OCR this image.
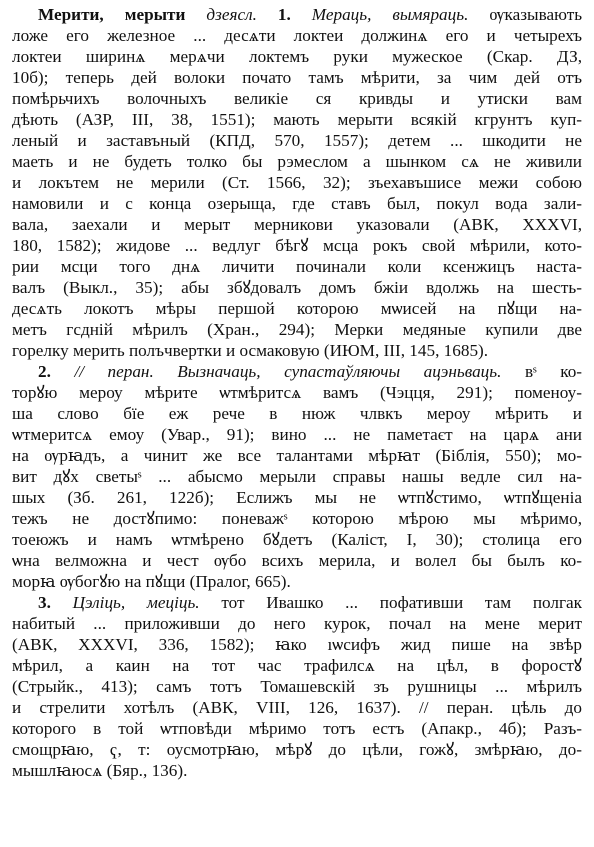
Мерити, мерыти дзеясл. 1. Мераць, вымяраць. ѹказывають
ложе его железное ... десѧти локтеи должинѧ его и четырехъ
локтеи ширинѧ мерѧчи локтемъ руки мужеское (Скар. ДЗ,
10б); теперь дей волоки почато тамъ мѣрити, за чим дей отъ
помѣрьчихъ волочныхъ великіе ся кривды и утиски вам
дѣють (АЗР, III, 38, 1551); мають мерыти всякій кгрунтъ куп-
леный и заставъный (КПД, 570, 1557); детем ... шкодити не
маеть и не будеть толко бы рэмеслом а шынком сѧ не живили
и локътем не мерили (Ст. 1566, 32); зъехавъшисе межи собою
намовили и с конца озерыща, где ставъ был, покул вода зали-
вала, заехали и мерыт мерникови указовали (АВК, XXXVI,
180, 1582); жидове ... ведлуг бѣгꙋ мсца рокъ свой мѣрили, кото-
рии мсци того днѧ личити починали коли ксенжицъ наста-
валъ (Выкл., 35); абы збꙋдовалъ домъ бжіи вдолжь на шесть-
десѧть локотъ мѣры першой которою мѡисей на пꙋщи на-
метъ гсдній мѣрилъ (Хран., 294); Мерки медяные купили две
горелку мерить полъчвертки и осмаковую (ИЮМ, III, 145, 1685).
2. // перан. Вызначаць, супастаўляючы ацэньваць. вˢ ко-
торꙋю мероу мѣрите ѡтмѣритсѧ вамъ (Чэцця, 291); поменоу-
ша слово бїе еж рече в нюж члвкъ мероу мѣрить и
ѡтмеритсѧ емоу (Увар., 91); вино ... не паметаєт на царѧ ани
на ѹрꙗдъ, а чинит же все талантами мѣрꙗт (Біблія, 550); мо-
вит дꙋх светыˢ ... абысмо мерыли справы нашы ведле сил на-
шых (Зб. 261, 122б); Еслижъ мы не ѡтпꙋстимо, ѡтпꙋщеніа
тежъ не достꙋпимо: поневажˢ которою мѣрою мы мѣримо,
тоеюжъ и намъ ѡтмѣрено бꙋдетъ (Каліст, I, 30); столица его
ѡна велможна и чест ѹбо всихъ мерила, и волел бы былъ ко-
морꙗ ѹбогꙋю на пꙋщи (Пралог, 665).
3. Цэліць, меціць. тот Ивашко ... пофативши там полгак
набитый ... приложивши до него курок, почал на мене мерит
(АВК, XXXVI, 336, 1582); ꙗко ıѡсифъ жид пише на звѣр
мѣрил, а каин на тот час трафилсѧ на цѣл, в форостꙋ
(Стрыйк., 413); самъ тотъ Томашевскій зъ рушницы ... мѣрилъ
и стрелити хотѣлъ (АВК, VIII, 126, 1637). // перан. цѣль до
которого в той ѡтповѣди мѣримо тотъ естъ (Апакр., 4б); Разъ-
смощрꙗю, ҁ, т: оусмотрꙗю, мѣрꙋ до цѣли, гожꙋ, змѣрꙗю, до-
мышлꙗюсѧ (Бяр., 136).
